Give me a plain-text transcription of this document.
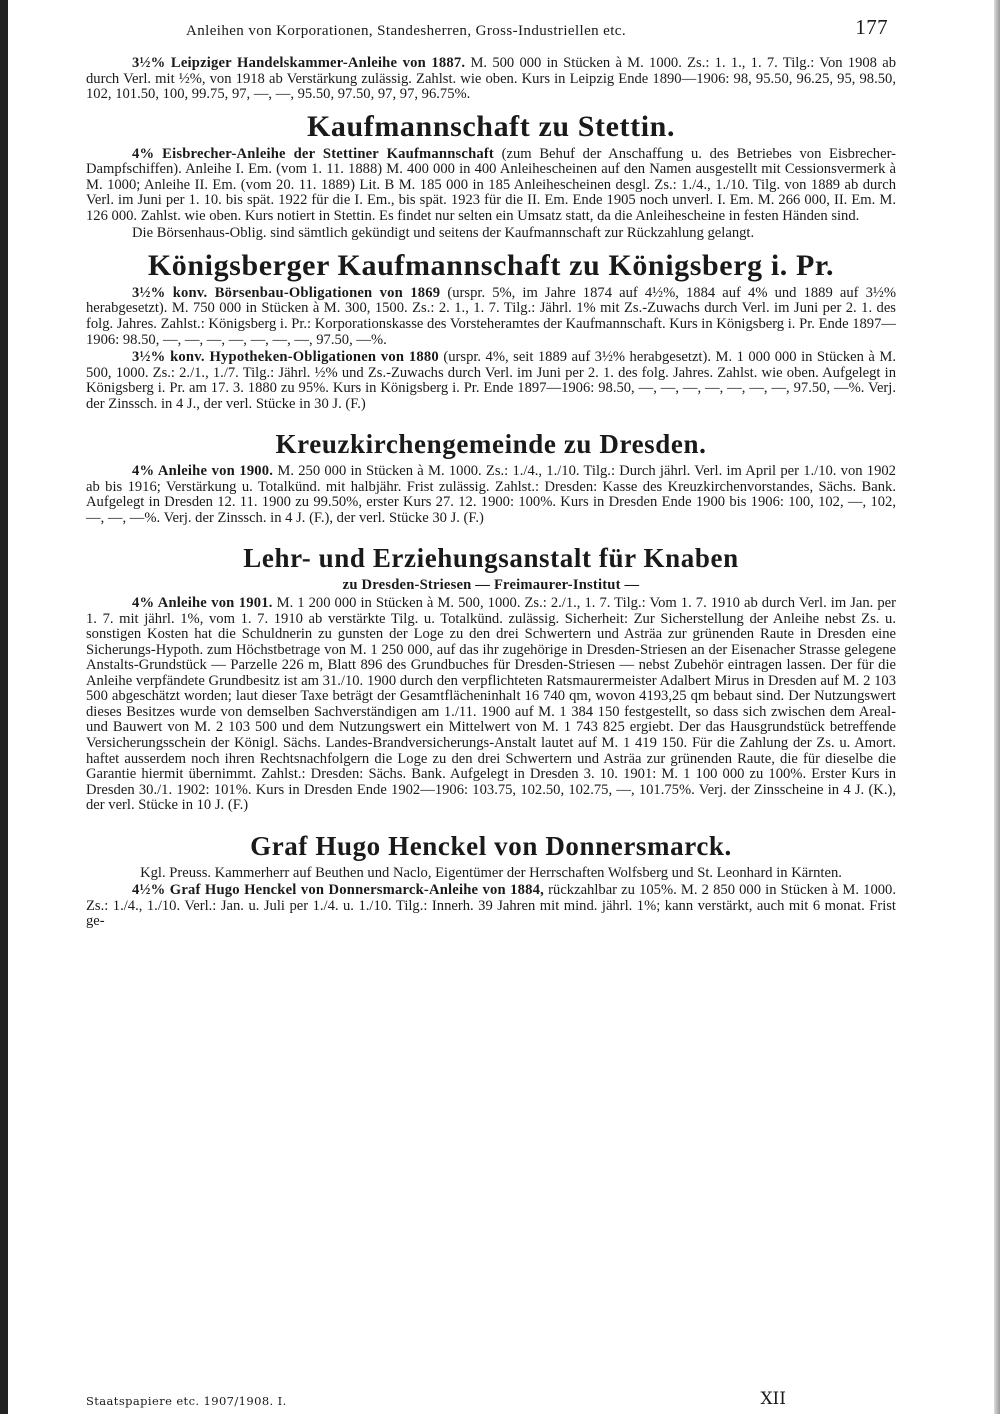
Anleihen von Korporationen, Standesherren, Gross-Industriellen etc.	177

3½% Leipziger Handelskammer-Anleihe von 1887. M. 500 000 in Stücken à M. 1000. Zs.: 1. 1., 1. 7. Tilg.: Von 1908 ab durch Verl. mit ½%, von 1918 ab Verstärkung zulässig. Zahlst. wie oben. Kurs in Leipzig Ende 1890—1906: 98, 95.50, 96.25, 95, 98.50, 102, 101.50, 100, 99.75, 97, —, —, 95.50, 97.50, 97, 97, 96.75%.

Kaufmannschaft zu Stettin.

4% Eisbrecher-Anleihe der Stettiner Kaufmannschaft (zum Behuf der Anschaffung u. des Betriebes von Eisbrecher-Dampfschiffen). Anleihe I. Em. (vom 1. 11. 1888) M. 400 000 in 400 Anleihescheinen auf den Namen ausgestellt mit Cessionsvermerk à M. 1000; Anleihe II. Em. (vom 20. 11. 1889) Lit. B M. 185 000 in 185 Anleihescheinen desgl. Zs.: 1./4., 1./10. Tilg. von 1889 ab durch Verl. im Juni per 1. 10. bis spät. 1922 für die I. Em., bis spät. 1923 für die II. Em. Ende 1905 noch unverl. I. Em. M. 266 000, II. Em. M. 126 000. Zahlst. wie oben. Kurs notiert in Stettin. Es findet nur selten ein Umsatz statt, da die Anleihescheine in festen Händen sind.

Die Börsenhaus-Oblig. sind sämtlich gekündigt und seitens der Kaufmannschaft zur Rückzahlung gelangt.

Königsberger Kaufmannschaft zu Königsberg i. Pr.

3½% konv. Börsenbau-Obligationen von 1869 (urspr. 5%, im Jahre 1874 auf 4½%, 1884 auf 4% und 1889 auf 3½% herabgesetzt). M. 750 000 in Stücken à M. 300, 1500. Zs.: 2. 1., 1. 7. Tilg.: Jährl. 1% mit Zs.-Zuwachs durch Verl. im Juni per 2. 1. des folg. Jahres. Zahlst.: Königsberg i. Pr.: Korporationskasse des Vorsteheramtes der Kaufmannschaft. Kurs in Königsberg i. Pr. Ende 1897—1906: 98.50, —, —, —, —, —, —, —, 97.50, —%.

3½% konv. Hypotheken-Obligationen von 1880 (urspr. 4%, seit 1889 auf 3½% herabgesetzt). M. 1 000 000 in Stücken à M. 500, 1000. Zs.: 2./1., 1./7. Tilg.: Jährl. ½% und Zs.-Zuwachs durch Verl. im Juni per 2. 1. des folg. Jahres. Zahlst. wie oben. Aufgelegt in Königsberg i. Pr. am 17. 3. 1880 zu 95%. Kurs in Königsberg i. Pr. Ende 1897—1906: 98.50, —, —, —, —, —, —, —, 97.50, —%. Verj. der Zinssch. in 4 J., der verl. Stücke in 30 J. (F.)

Kreuzkirchengemeinde zu Dresden.

4% Anleihe von 1900. M. 250 000 in Stücken à M. 1000. Zs.: 1./4., 1./10. Tilg.: Durch jährl. Verl. im April per 1./10. von 1902 ab bis 1916; Verstärkung u. Totalkünd. mit halbjähr. Frist zulässig. Zahlst.: Dresden: Kasse des Kreuzkirchenvorstandes, Sächs. Bank. Aufgelegt in Dresden 12. 11. 1900 zu 99.50%, erster Kurs 27. 12. 1900: 100%. Kurs in Dresden Ende 1900 bis 1906: 100, 102, —, 102, —, —, —%. Verj. der Zinssch. in 4 J. (F.), der verl. Stücke 30 J. (F.)

Lehr- und Erziehungsanstalt für Knaben

zu Dresden-Striesen — Freimaurer-Institut —

4% Anleihe von 1901. M. 1 200 000 in Stücken à M. 500, 1000. Zs.: 2./1., 1. 7. Tilg.: Vom 1. 7. 1910 ab durch Verl. im Jan. per 1. 7. mit jährl. 1%, vom 1. 7. 1910 ab verstärkte Tilg. u. Totalkünd. zulässig. Sicherheit: Zur Sicherstellung der Anleihe nebst Zs. u. sonstigen Kosten hat die Schuldnerin zu gunsten der Loge zu den drei Schwertern und Asträa zur grünenden Raute in Dresden eine Sicherungs-Hypoth. zum Höchstbetrage von M. 1 250 000, auf das ihr zugehörige in Dresden-Striesen an der Eisenacher Strasse gelegene Anstalts-Grundstück — Parzelle 226 m, Blatt 896 des Grundbuches für Dresden-Striesen — nebst Zubehör eintragen lassen. Der für die Anleihe verpfändete Grundbesitz ist am 31./10. 1900 durch den verpflichteten Ratsmaurermeister Adalbert Mirus in Dresden auf M. 2 103 500 abgeschätzt worden; laut dieser Taxe beträgt der Gesamtflächeninhalt 16 740 qm, wovon 4193,25 qm bebaut sind. Der Nutzungswert dieses Besitzes wurde von demselben Sachverständigen am 1./11. 1900 auf M. 1 384 150 festgestellt, so dass sich zwischen dem Areal- und Bauwert von M. 2 103 500 und dem Nutzungswert ein Mittelwert von M. 1 743 825 ergiebt. Der das Hausgrundstück betreffende Versicherungsschein der Königl. Sächs. Landes-Brandversicherungs-Anstalt lautet auf M. 1 419 150. Für die Zahlung der Zs. u. Amort. haftet ausserdem noch ihren Rechtsnachfolgern die Loge zu den drei Schwertern und Asträa zur grünenden Raute, die für dieselbe die Garantie hiermit übernimmt. Zahlst.: Dresden: Sächs. Bank. Aufgelegt in Dresden 3. 10. 1901: M. 1 100 000 zu 100%. Erster Kurs in Dresden 30./1. 1902: 101%. Kurs in Dresden Ende 1902—1906: 103.75, 102.50, 102.75, —, 101.75%. Verj. der Zinsscheine in 4 J. (K.), der verl. Stücke in 10 J. (F.)

Graf Hugo Henckel von Donnersmarck.

Kgl. Preuss. Kammerherr auf Beuthen und Naclo, Eigentümer der Herrschaften Wolfsberg und St. Leonhard in Kärnten.

4½% Graf Hugo Henckel von Donnersmarck-Anleihe von 1884, rückzahlbar zu 105%. M. 2 850 000 in Stücken à M. 1000. Zs.: 1./4., 1./10. Verl.: Jan. u. Juli per 1./4. u. 1./10. Tilg.: Innerh. 39 Jahren mit mind. jährl. 1%; kann verstärkt, auch mit 6 monat. Frist ge-

Staatspapiere etc. 1907/1908. I.	XII
